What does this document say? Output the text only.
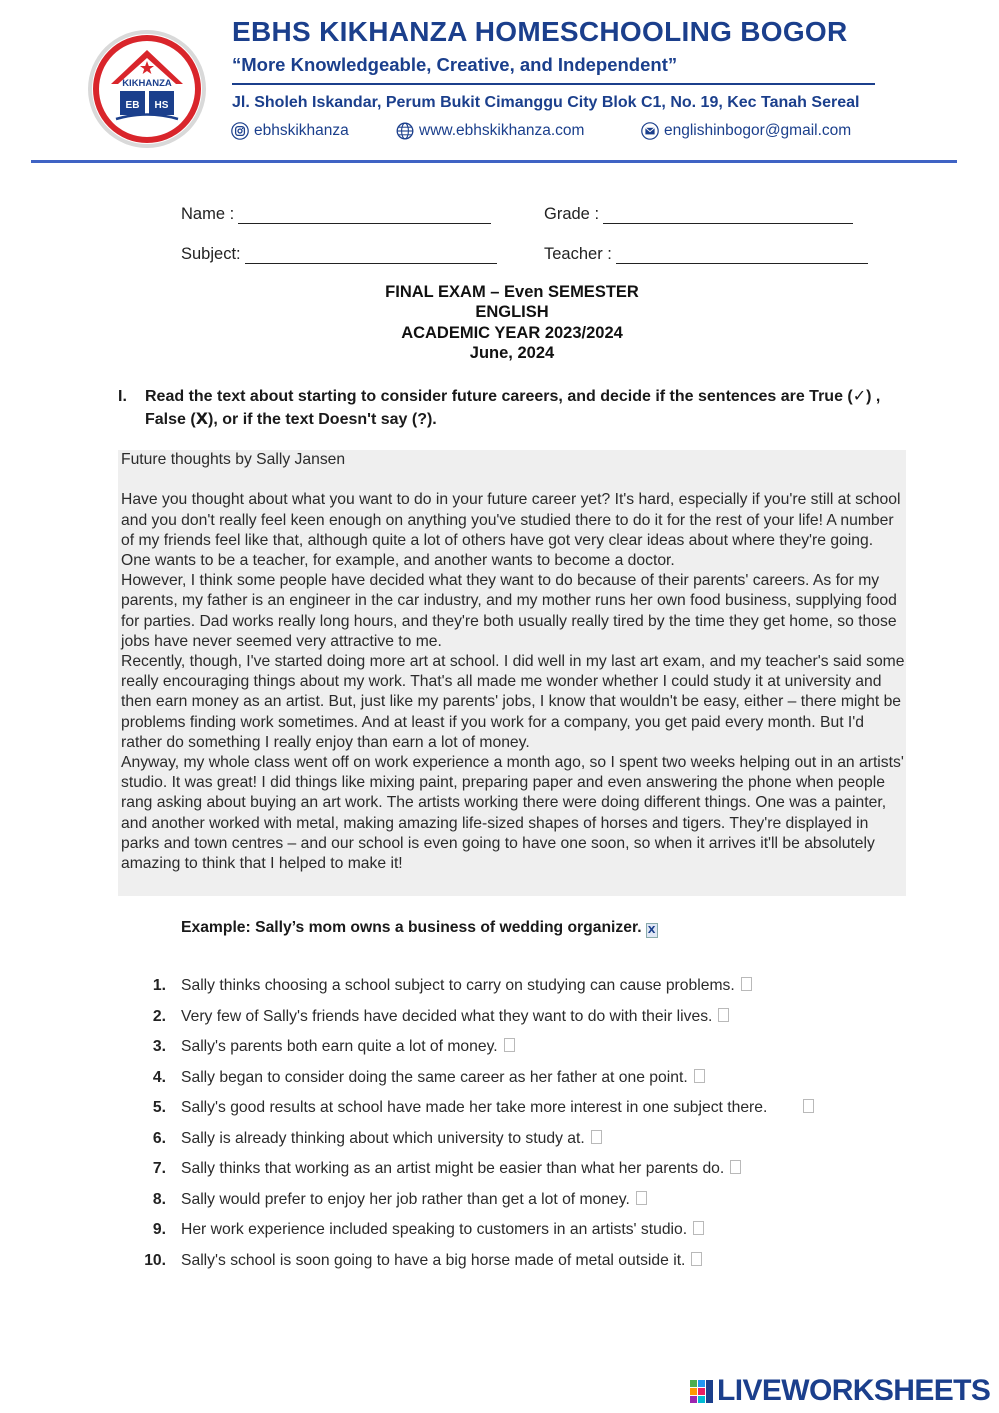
KIKHANZA
EB HS
EBHS KIKHANZA HOMESCHOOLING BOGOR
“More Knowledgeable, Creative, and Independent”
Jl. Sholeh Iskandar, Perum Bukit Cimanggu City Blok C1, No. 19, Kec Tanah Sereal
ebhskikhanza	www.ebhskikhanza.com	englishinbogor@gmail.com
Name :	Grade :
Subject:	Teacher :
FINAL EXAM – Even SEMESTER
ENGLISH
ACADEMIC YEAR 2023/2024
June, 2024
I. Read the text about starting to consider future careers, and decide if the sentences are True (✓) , False (Ⅹ), or if the text Doesn't say (?).

Future thoughts by Sally Jansen

Have you thought about what you want to do in your future career yet? It's hard, especially if you're still at school and you don't really feel keen enough on anything you've studied there to do it for the rest of your life! A number of my friends feel like that, although quite a lot of others have got very clear ideas about where they're going. One wants to be a teacher, for example, and another wants to become a doctor.

However, I think some people have decided what they want to do because of their parents' careers. As for my parents, my father is an engineer in the car industry, and my mother runs her own food business, supplying food for parties. Dad works really long hours, and they're both usually really tired by the time they get home, so those jobs have never seemed very attractive to me.

Recently, though, I've started doing more art at school. I did well in my last art exam, and my teacher's said some really encouraging things about my work. That's all made me wonder whether I could study it at university and then earn money as an artist. But, just like my parents' jobs, I know that wouldn't be easy, either – there might be problems finding work sometimes. And at least if you work for a company, you get paid every month. But I'd rather do something I really enjoy than earn a lot of money.

Anyway, my whole class went off on work experience a month ago, so I spent two weeks helping out in an artists' studio. It was great! I did things like mixing paint, preparing paper and even answering the phone when people rang asking about buying an art work. The artists working there were doing different things. One was a painter, and another worked with metal, making amazing life-sized shapes of horses and tigers. They're displayed in parks and town centres – and our school is even going to have one soon, so when it arrives it'll be absolutely amazing to think that I helped to make it!

Example: Sally’s mom owns a business of wedding organizer. Ⅹ
1. Sally thinks choosing a school subject to carry on studying can cause problems.
2. Very few of Sally's friends have decided what they want to do with their lives.
3. Sally's parents both earn quite a lot of money.
4. Sally began to consider doing the same career as her father at one point.
5. Sally's good results at school have made her take more interest in one subject there.
6. Sally is already thinking about which university to study at.
7. Sally thinks that working as an artist might be easier than what her parents do.
8. Sally would prefer to enjoy her job rather than get a lot of money.
9. Her work experience included speaking to customers in an artists' studio.
10. Sally's school is soon going to have a big horse made of metal outside it.
LIVEWORKSHEETS
